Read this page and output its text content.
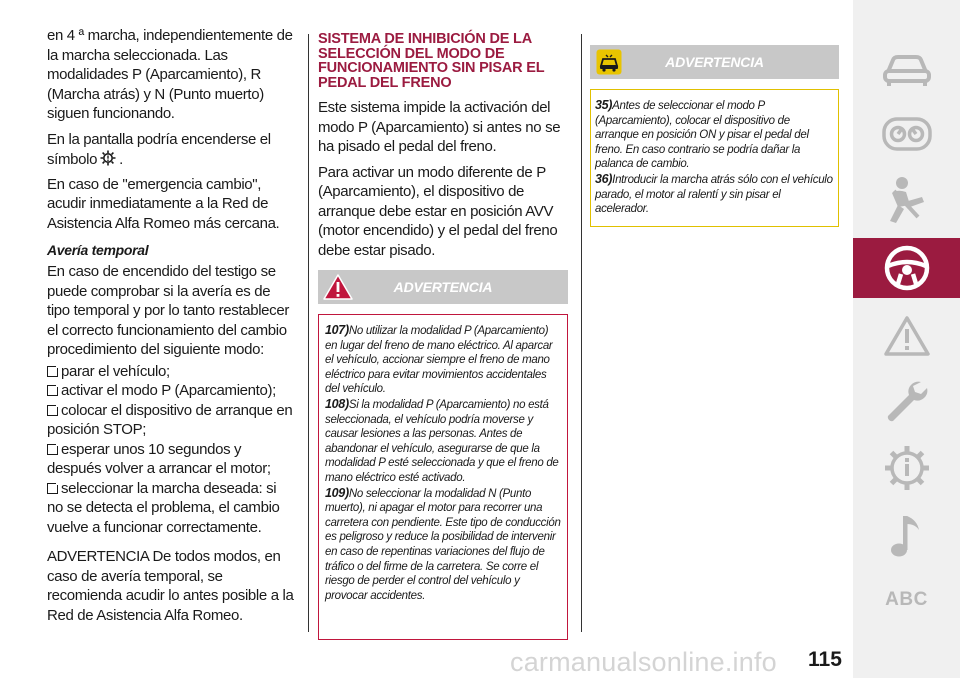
en 4 ª marcha, independientemente de la marcha seleccionada. Las modalidades P (Aparcamiento), R (Marcha atrás) y N (Punto muerto) siguen funcionando.

En la pantalla podría encenderse el símbolo .

En caso de "emergencia cambio", acudir inmediatamente a la Red de Asistencia Alfa Romeo más cercana.

Avería temporal

En caso de encendido del testigo se puede comprobar si la avería es de tipo temporal y por lo tanto restablecer el correcto funcionamiento del cambio procedimiento del siguiente modo:

parar el vehículo;
activar el modo P (Aparcamiento);
colocar el dispositivo de arranque en posición STOP;
esperar unos 10 segundos y después volver a arrancar el motor;
seleccionar la marcha deseada: si no se detecta el problema, el cambio vuelve a funcionar correctamente.

ADVERTENCIA De todos modos, en caso de avería temporal, se recomienda acudir lo antes posible a la Red de Asistencia Alfa Romeo.

SISTEMA DE INHIBICIÓN DE LA SELECCIÓN DEL MODO DE FUNCIONAMIENTO SIN PISAR EL PEDAL DEL FRENO

Este sistema impide la activación del modo P (Aparcamiento) si antes no se ha pisado el pedal del freno.

Para activar un modo diferente de P (Aparcamiento), el dispositivo de arranque debe estar en posición AVV (motor encendido) y el pedal del freno debe estar pisado.

ADVERTENCIA

107)No utilizar la modalidad P (Aparcamiento) en lugar del freno de mano eléctrico. Al aparcar el vehículo, accionar siempre el freno de mano eléctrico para evitar movimientos accidentales del vehículo.

108)Si la modalidad P (Aparcamiento) no está seleccionada, el vehículo podría moverse y causar lesiones a las personas. Antes de abandonar el vehículo, asegurarse de que la modalidad P esté seleccionada y que el freno de mano eléctrico esté activado.

109)No seleccionar la modalidad N (Punto muerto), ni apagar el motor para recorrer una carretera con pendiente. Este tipo de conducción es peligroso y reduce la posibilidad de intervenir en caso de repentinas variaciones del flujo de tráfico o del firme de la carretera. Se corre el riesgo de perder el control del vehículo y provocar accidentes.

ADVERTENCIA

35)Antes de seleccionar el modo P (Aparcamiento), colocar el dispositivo de arranque en posición ON y pisar el pedal del freno. En caso contrario se podría dañar la palanca de cambio.

36)Introducir la marcha atrás sólo con el vehículo parado, el motor al ralentí y sin pisar el acelerador.

ABC
carmanualsonline.info 115
